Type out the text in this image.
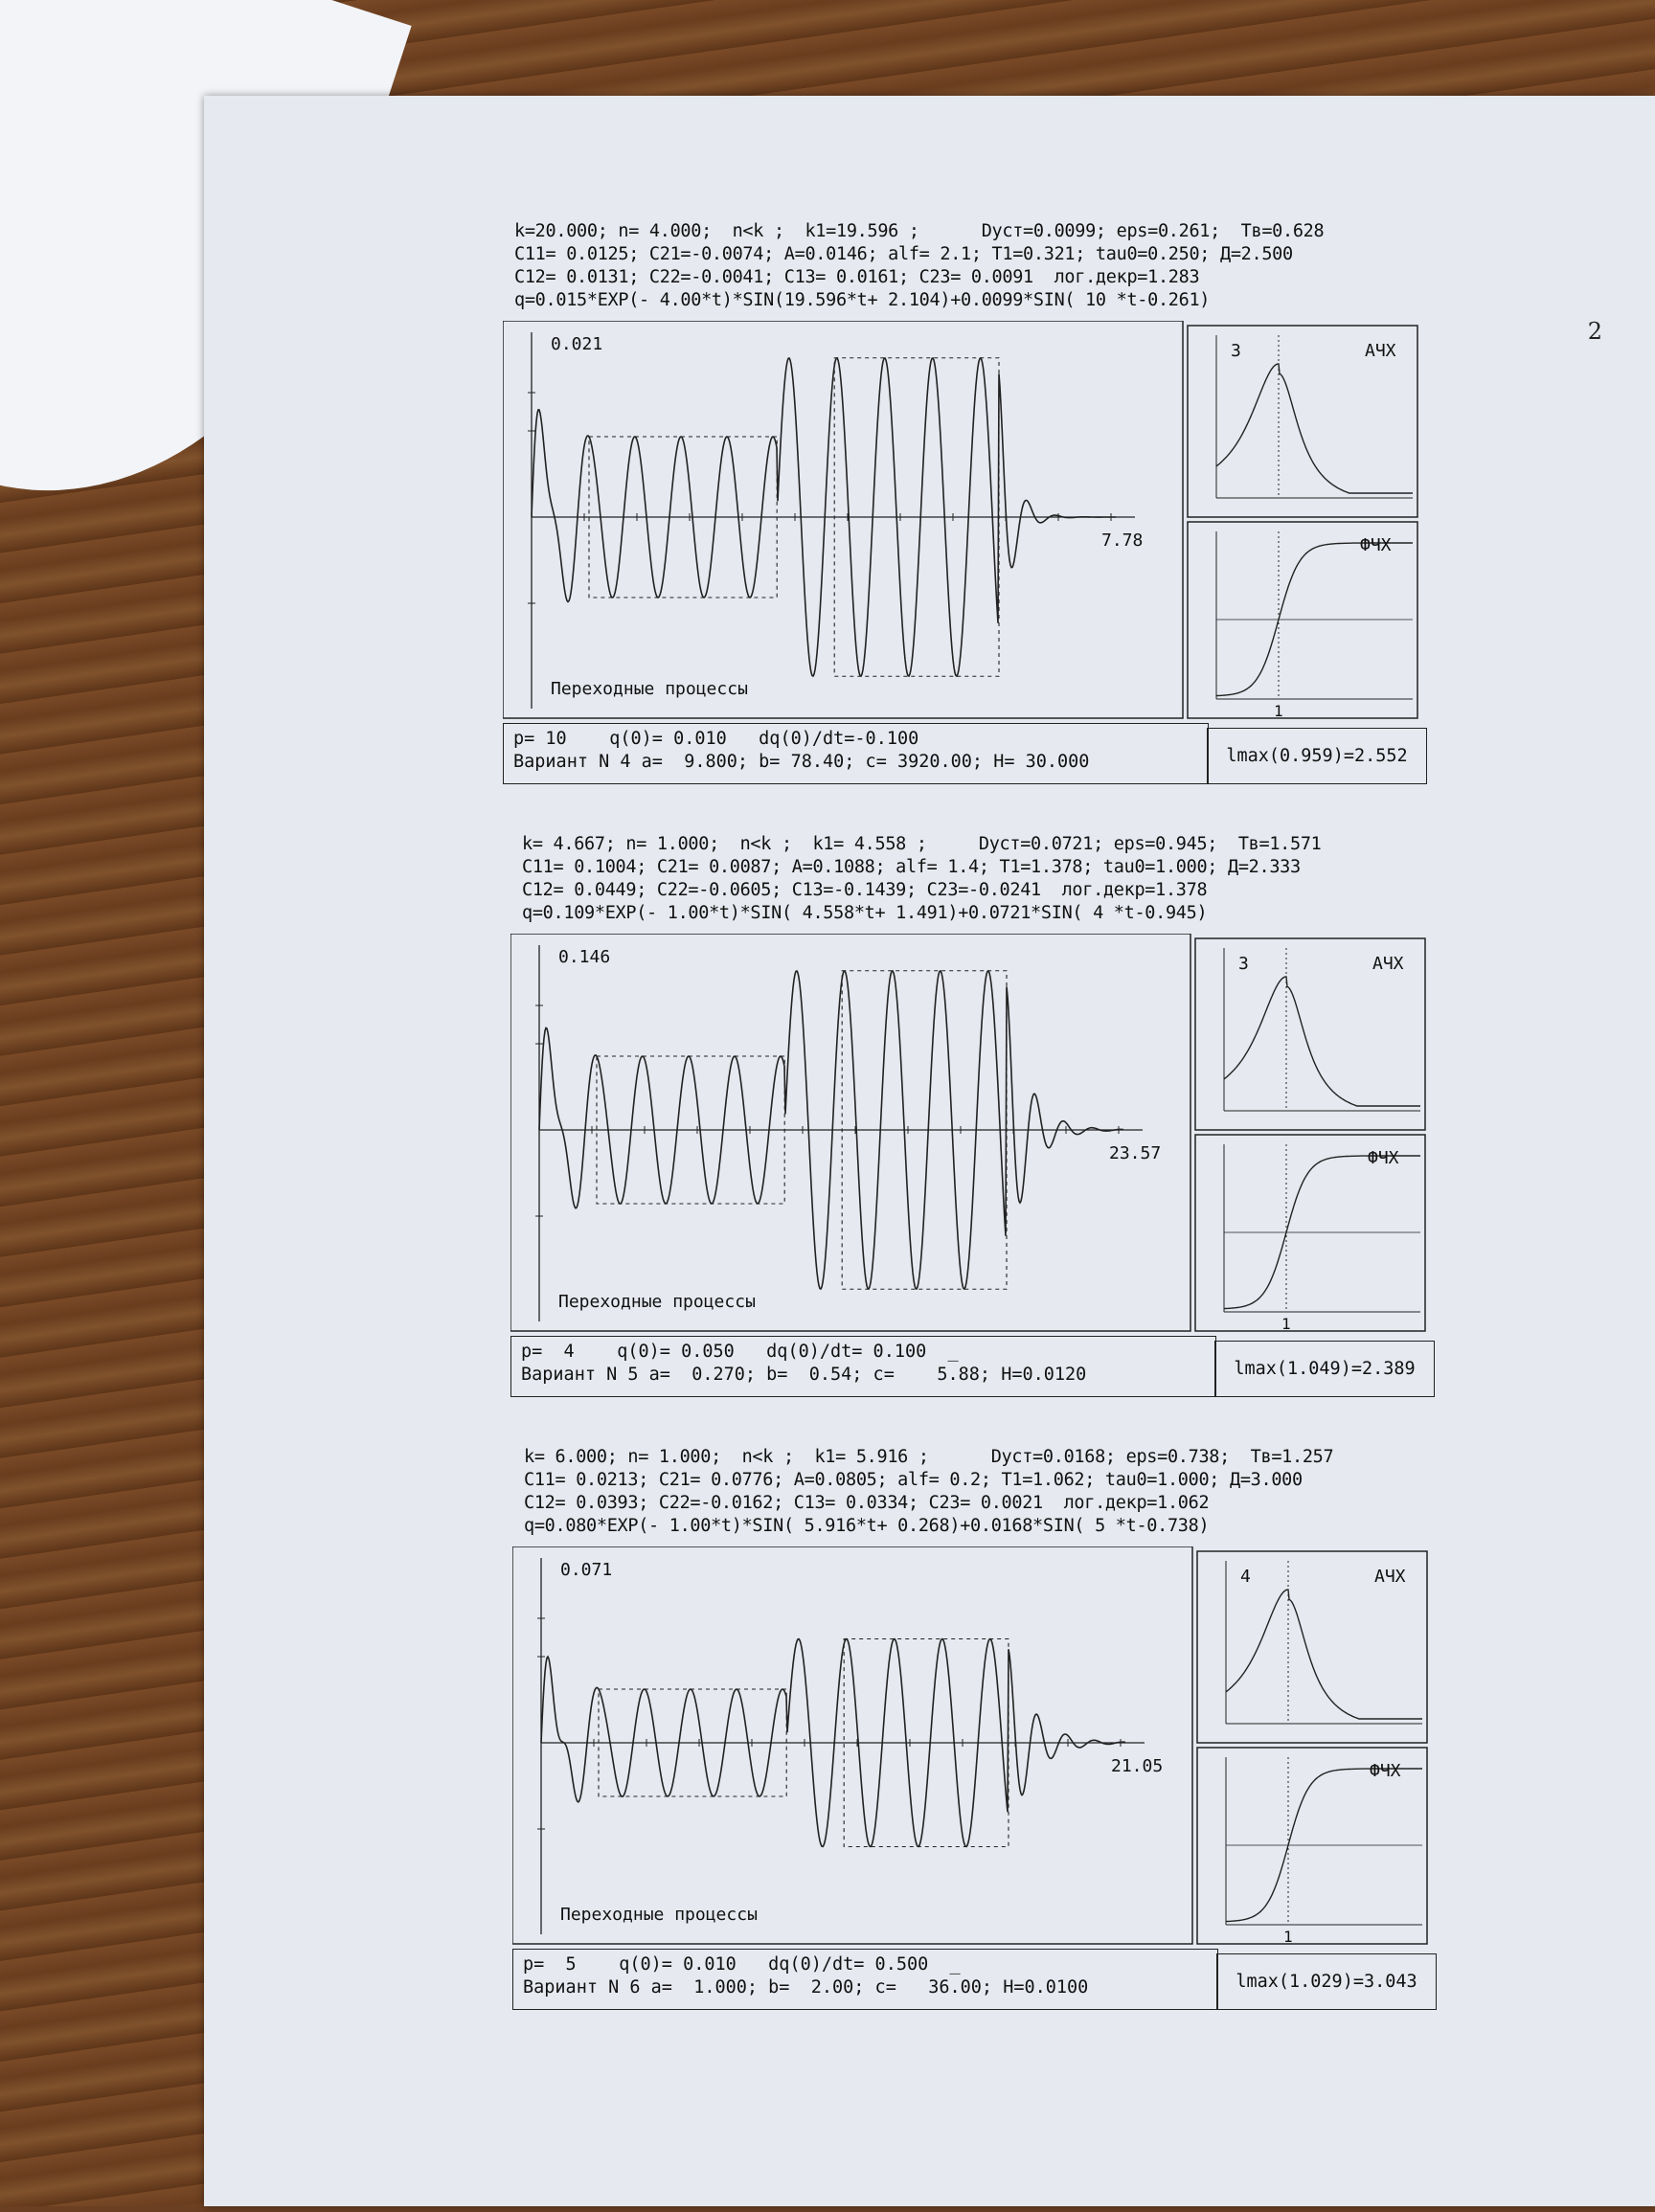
2
k=20.000; n= 4.000;  n<k ;  k1=19.596 ;      Dуст=0.0099; eps=0.261;  Тв=0.628
C11= 0.0125; C21=-0.0074; A=0.0146; alf= 2.1; T1=0.321; tau0=0.250; Д=2.500
C12= 0.0131; C22=-0.0041; C13= 0.0161; C23= 0.0091  лог.декр=1.283
q=0.015*EXP(- 4.00*t)*SIN(19.596*t+ 2.104)+0.0099*SIN( 10 *t-0.261)
0.021
7.78
Переходные процессы
3	АЧХ
ФЧХ
1
p= 10    q(0)= 0.010   dq(0)/dt=-0.100
Вариант N 4 a=  9.800; b= 78.40; c= 3920.00; H= 30.000	lmax(0.959)=2.552
k= 4.667; n= 1.000;  n<k ;  k1= 4.558 ;     Dуст=0.0721; eps=0.945;  Тв=1.571
C11= 0.1004; C21= 0.0087; A=0.1088; alf= 1.4; T1=1.378; tau0=1.000; Д=2.333
C12= 0.0449; C22=-0.0605; C13=-0.1439; C23=-0.0241  лог.декр=1.378
q=0.109*EXP(- 1.00*t)*SIN( 4.558*t+ 1.491)+0.0721*SIN( 4 *t-0.945)
0.146
23.57
Переходные процессы
3	АЧХ
ФЧХ
1
p=  4    q(0)= 0.050   dq(0)/dt= 0.100  _
Вариант N 5 a=  0.270; b=  0.54; c=    5.88; H=0.0120	lmax(1.049)=2.389
k= 6.000; n= 1.000;  n<k ;  k1= 5.916 ;      Dуст=0.0168; eps=0.738;  Тв=1.257
C11= 0.0213; C21= 0.0776; A=0.0805; alf= 0.2; T1=1.062; tau0=1.000; Д=3.000
C12= 0.0393; C22=-0.0162; C13= 0.0334; C23= 0.0021  лог.декр=1.062
q=0.080*EXP(- 1.00*t)*SIN( 5.916*t+ 0.268)+0.0168*SIN( 5 *t-0.738)
0.071
21.05
Переходные процессы
4	АЧХ
ФЧХ
1
p=  5    q(0)= 0.010   dq(0)/dt= 0.500  _
Вариант N 6 a=  1.000; b=  2.00; c=   36.00; H=0.0100	lmax(1.029)=3.043
